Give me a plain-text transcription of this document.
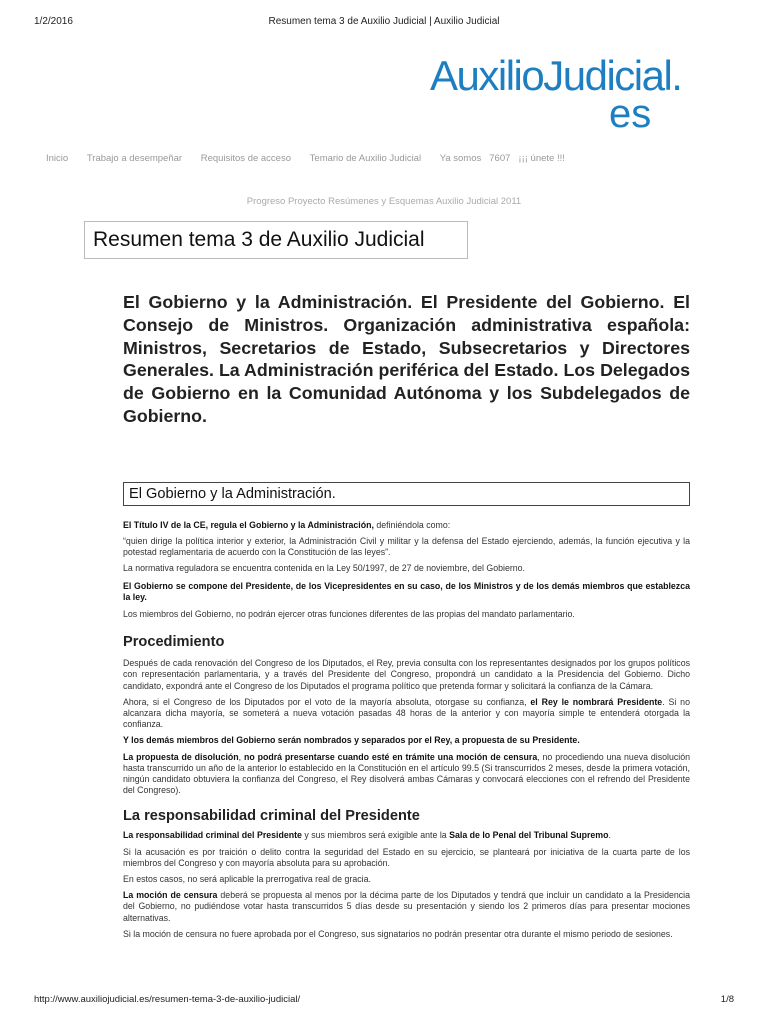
1/2/2016	Resumen tema 3 de Auxilio Judicial | Auxilio Judicial
AuxilioJudicial.
es
Inicio Trabajo a desempeñar Requisitos de acceso Temario de Auxilio Judicial Ya somos 7607 ¡¡¡ únete !!!
Progreso Proyecto Resúmenes y Esquemas Auxilio Judicial 2011
Resumen tema 3 de Auxilio Judicial
El Gobierno y la Administración. El Presidente del Gobierno. El Consejo de Ministros. Organización administrativa española: Ministros, Secretarios de Estado, Subsecretarios y Directores Generales. La Administración periférica del Estado. Los Delegados de Gobierno en la Comunidad Autónoma y los Subdelegados de Gobierno.
El Gobierno y la Administración.

El Título IV de la CE, regula el Gobierno y la Administración, definiéndola como:

“quien dirige la política interior y exterior, la Administración Civil y militar y la defensa del Estado ejerciendo, además, la función ejecutiva y la potestad reglamentaria de acuerdo con la Constitución de las leyes”.

La normativa reguladora se encuentra contenida en la Ley 50/1997, de 27 de noviembre, del Gobierno.

El Gobierno se compone del Presidente, de los Vicepresidentes en su caso, de los Ministros y de los demás miembros que establezca la ley.

Los miembros del Gobierno, no podrán ejercer otras funciones diferentes de las propias del mandato parlamentario.

Procedimiento

Después de cada renovación del Congreso de los Diputados, el Rey, previa consulta con los representantes designados por los grupos políticos con representación parlamentaria, y a través del Presidente del Congreso, propondrá un candidato a la Presidencia del Gobierno. Dicho candidato, expondrá ante el Congreso de los Diputados el programa político que pretenda formar y solicitará la confianza de la Cámara.

Ahora, si el Congreso de los Diputados por el voto de la mayoría absoluta, otorgase su confianza, el Rey le nombrará Presidente. Si no alcanzara dicha mayoría, se someterá a nueva votación pasadas 48 horas de la anterior y con mayoría simple te entenderá otorgada la confianza.

Y los demás miembros del Gobierno serán nombrados y separados por el Rey, a propuesta de su Presidente.

La propuesta de disolución, no podrá presentarse cuando esté en trámite una moción de censura, no procediendo una nueva disolución hasta transcurrido un año de la anterior lo establecido en la Constitución en el artículo 99.5 (Si transcurridos 2 meses, desde la primera votación, ningún candidato obtuviera la confianza del Congreso, el Rey disolverá ambas Cámaras y convocará elecciones con el refrendo del Presidente del Congreso).

La responsabilidad criminal del Presidente

La responsabilidad criminal del Presidente y sus miembros será exigible ante la Sala de lo Penal del Tribunal Supremo.

Si la acusación es por traición o delito contra la seguridad del Estado en su ejercicio, se planteará por iniciativa de la cuarta parte de los miembros del Congreso y con mayoría absoluta para su aprobación.

En estos casos, no será aplicable la prerrogativa real de gracia.

La moción de censura deberá se propuesta al menos por la décima parte de los Diputados y tendrá que incluir un candidato a la Presidencia del Gobierno, no pudiéndose votar hasta transcurridos 5 días desde su presentación y siendo los 2 primeros días para presentar mociones alternativas.

Si la moción de censura no fuere aprobada por el Congreso, sus signatarios no podrán presentar otra durante el mismo periodo de sesiones.

http://www.auxiliojudicial.es/resumen-tema-3-de-auxilio-judicial/	1/8
